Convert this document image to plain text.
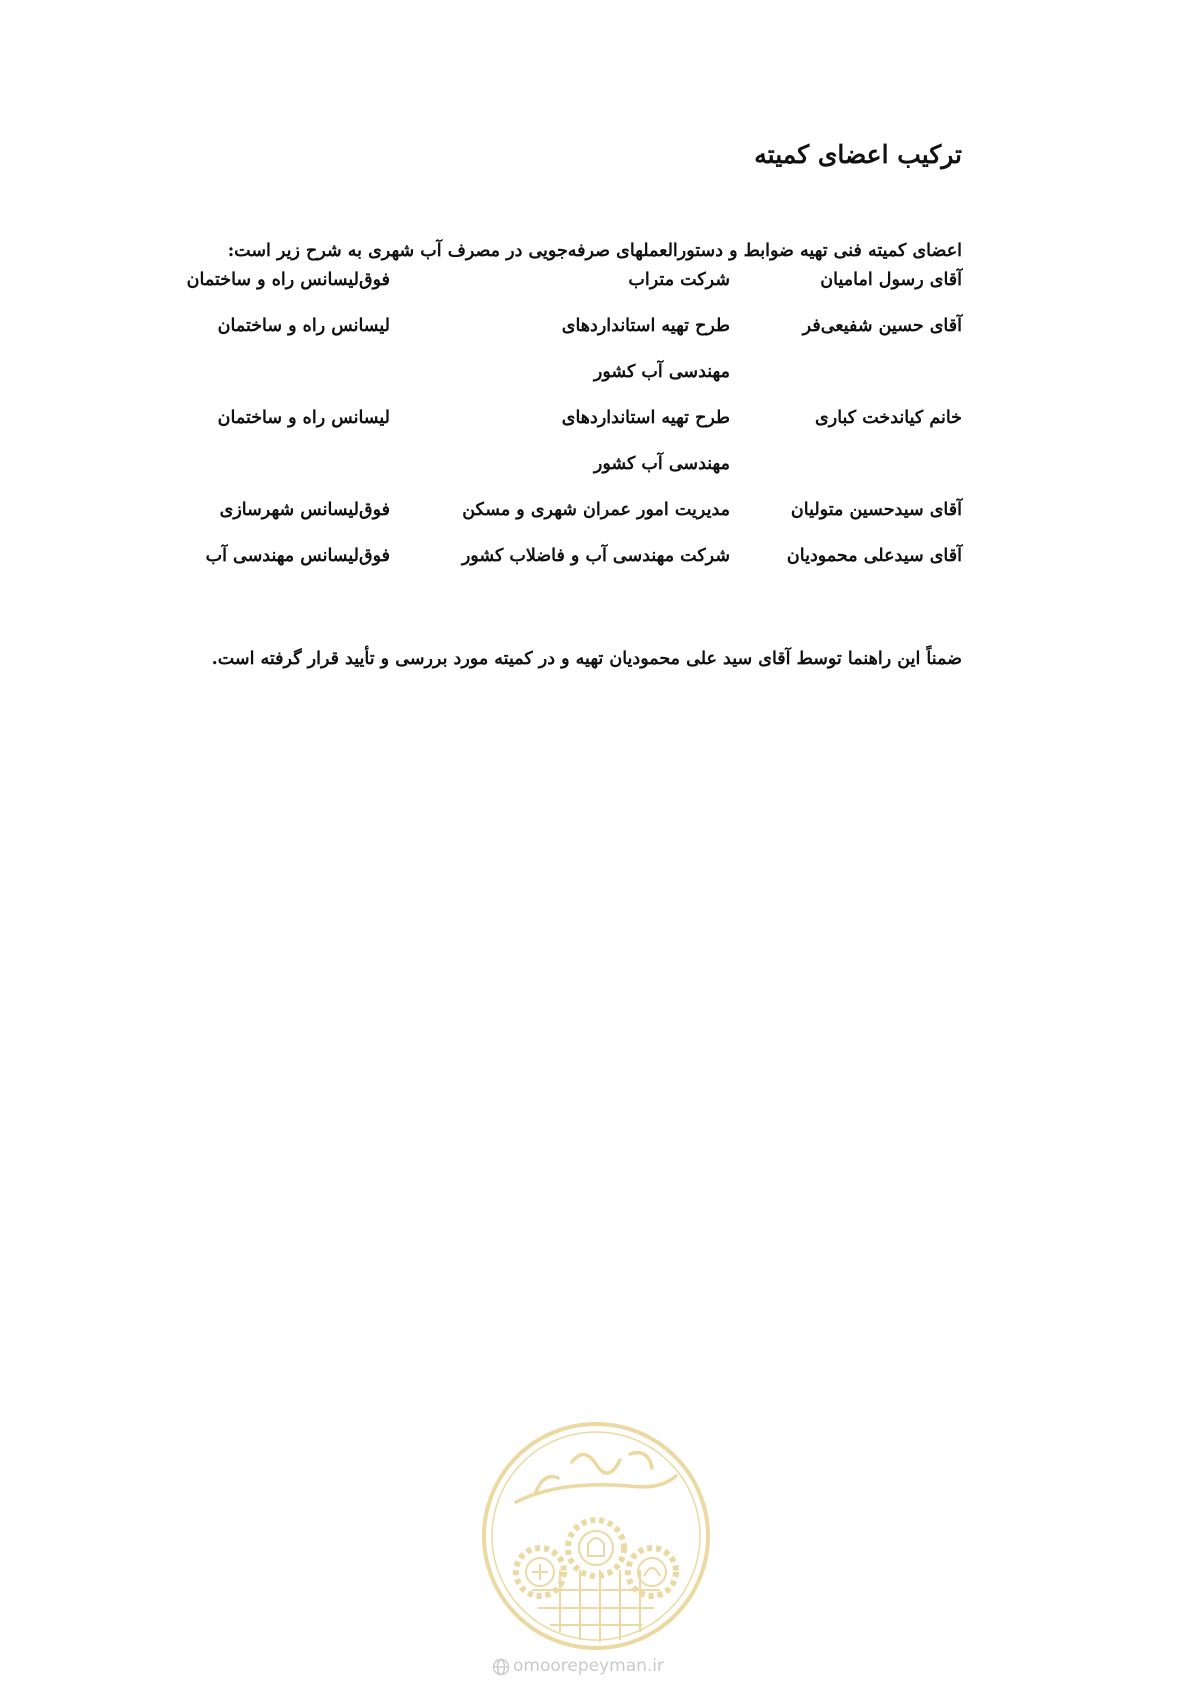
ترکیب اعضای کمیته
اعضای کمیته فنی تهیه ضوابط و دستورالعملهای صرفه‌جویی در مصرف آب شهری به شرح زیر است:
آقای رسول امامیان
شرکت متراب
فوق‌لیسانس راه و ساختمان
آقای حسین شفیعی‌فر
طرح تهیه استانداردهای
لیسانس راه و ساختمان
مهندسی آب کشور
خانم کیاندخت کباری
طرح تهیه استانداردهای
لیسانس راه و ساختمان
مهندسی آب کشور
آقای سیدحسین متولیان
مدیریت امور عمران شهری و مسکن
فوق‌لیسانس شهرسازی
آقای سیدعلی محمودیان
شرکت مهندسی آب و فاضلاب کشور
فوق‌لیسانس مهندسی آب
ضمناً این راهنما توسط آقای سید علی محمودیان تهیه و در کمیته مورد بررسی و تأیید قرار گرفته است.
omoorepeyman.ir
